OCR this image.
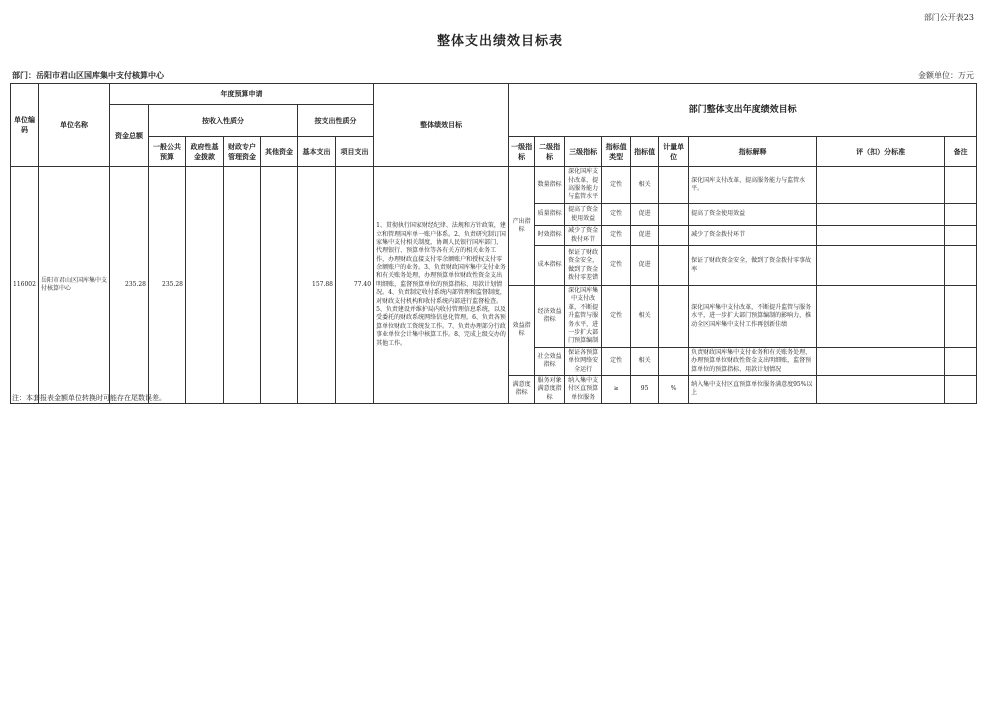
部门公开表23
整体支出绩效目标表
部门：岳阳市君山区国库集中支付核算中心	金额单位：万元
单位编码	单位名称	年度预算申请							整体绩效目标	部门整体支出年度绩效目标								
		资金总额	按收入性质分				按支出性质分											

			一般公共预算	政府性基金拨款	财政专户管理资金	其他资金	基本支出	项目支出		一级指标	二级指标	三级指标	指标值类型	指标值	计量单位	指标解释	评（扣）分标准	备注
116002	岳阳市君山区国库集中支付核算中心	235.28	235.28				157.88	77.40	1、贯彻执行国家财经纪律、法规和方针政策，建立和管理国库单一账户体系。2、负责研究制订国家集中支付相关制度，协调人民银行国库部门、代理银行、预算单位等各有关方的相关业务工作，办理财政直接支付零余额账户和授权支付零余额账户的业务。3、负责财政国库集中支付业务和有关账务处理，办理预算单位财政性资金支出明细账，监督预算单位的预算指标、用款计划情况。4、负责制定收付系统内部管理和监督制度，对财政支付机构和收付系统内部进行监督检查。5、负责建设并维护局内收付管理信息系统，以及受委托的财政系统网络信息化管理。6、负责各预算单位财政工资统发工作。7、负责办理部分行政事业单位会计集中核算工作。8、完成上级交办的其他工作。	产出指标	数量指标	深化国库支付改革，提高服务能力与监管水平	定性	相关		深化国库支付改革，提高服务能力与监管水平。		
											质量指标	提高了资金使用效益	定性	促进		提高了资金使用效益		
											时效指标	减少了资金拨付环节	定性	促进		减少了资金拨付环节		
											成本指标	保证了财政资金安全，做到了资金拨付零差错	定性	促进		保证了财政资金安全，做到了资金拨付零事故率		
										效益指标	经济效益指标	深化国库集中支付改革，不断提升监管与服务水平，进一步扩大部门预算编制	定性	相关		深化国库集中支付改革，不断提升监管与服务水平，进一步扩大部门预算编制的影响力，推动全区国库集中支付工作再创新佳绩		
											社会效益指标	保证各预算单位网络安全运行	定性	相关		负责财政国库集中支付业务和有关账务处理，办理预算单位财政性资金支出明细账，监督预算单位的预算指标、用款计划情况		
										满意度指标	服务对象满意度指标	纳入集中支付区直预算单位服务	≥	95	%	纳入集中支付区直预算单位服务满意度95%以上		
注：本套报表金额单位转换时可能存在尾数误差。
